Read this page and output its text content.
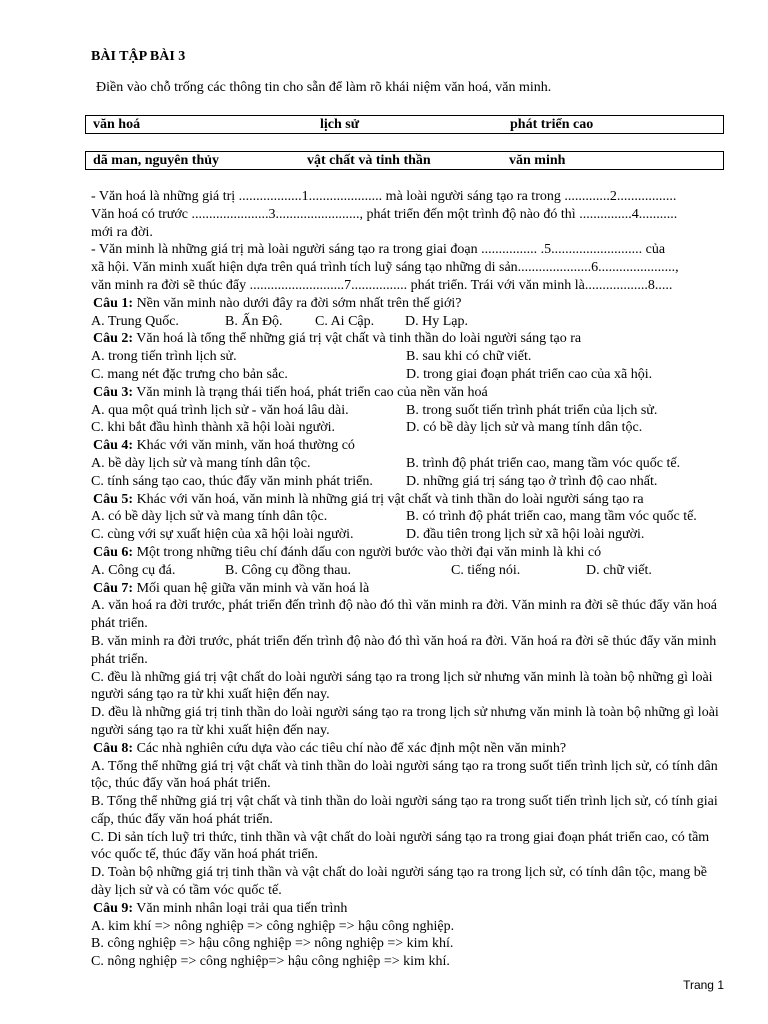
BÀI TẬP BÀI 3
Điền vào chỗ trống các thông tin cho sẵn để làm rõ khái niệm văn hoá, văn minh.
văn hoá	lịch sử	phát triển cao
dã man, nguyên thủy	vật chất và tinh thần	văn minh

- Văn hoá là những giá trị ..................1..................... mà loài người sáng tạo ra trong .............2.................

Văn hoá có trước ......................3........................, phát triển đến một trình độ nào đó thì ...............4...........

mới ra đời.

- Văn minh là những giá trị mà loài người sáng tạo ra trong giai đoạn ................ .5.......................... của

xã hội. Văn minh xuất hiện dựa trên quá trình tích luỹ sáng tạo những di sản.....................6......................,

văn minh ra đời sẽ thúc đẩy ...........................7................ phát triển. Trái với văn minh là..................8.....

Câu 1: Nền văn minh nào dưới đây ra đời sớm nhất trên thế giới?

A. Trung Quốc.	B. Ấn Độ. C. Ai Cập. D. Hy Lạp.

Câu 2: Văn hoá là tổng thể những giá trị vật chất và tinh thần do loài người sáng tạo ra

A. trong tiến trình lịch sử.	B. sau khi có chữ viết.
C. mang nét đặc trưng cho bản sắc.	D. trong giai đoạn phát triển cao của xã hội.

Câu 3: Văn minh là trạng thái tiến hoá, phát triển cao của nền văn hoá

A. qua một quá trình lịch sử - văn hoá lâu dài.	B. trong suốt tiến trình phát triển của lịch sử.
C. khi bắt đầu hình thành xã hội loài người.	D. có bề dày lịch sử và mang tính dân tộc.

Câu 4: Khác với văn minh, văn hoá thường có

A. bề dày lịch sử và mang tính dân tộc.	B. trình độ phát triển cao, mang tầm vóc quốc tế.
C. tính sáng tạo cao, thúc đẩy văn minh phát triển.	D. những giá trị sáng tạo ở trình độ cao nhất.

Câu 5: Khác với văn hoá, văn minh là những giá trị vật chất và tinh thần do loài người sáng tạo ra

A. có bề dày lịch sử và mang tính dân tộc.	B. có trình độ phát triển cao, mang tầm vóc quốc tế.
C. cùng với sự xuất hiện của xã hội loài người.	D. đầu tiên trong lịch sử xã hội loài người.

Câu 6: Một trong những tiêu chí đánh dấu con người bước vào thời đại văn minh là khi có

A. Công cụ đá.	B. Công cụ đồng thau.	C. tiếng nói.	D. chữ viết.

Câu 7: Mối quan hệ giữa văn minh và văn hoá là

A. văn hoá ra đời trước, phát triển đến trình độ nào đó thì văn minh ra đời. Văn minh ra đời sẽ thúc đẩy văn hoá phát triển.

B. văn minh ra đời trước, phát triển đến trình độ nào đó thì văn hoá ra đời. Văn hoá ra đời sẽ thúc đẩy văn minh phát triển.

C. đều là những giá trị vật chất do loài người sáng tạo ra trong lịch sử nhưng văn minh là toàn bộ những gì loài người sáng tạo ra từ khi xuất hiện đến nay.

D. đều là những giá trị tinh thần do loài người sáng tạo ra trong lịch sử nhưng văn minh là toàn bộ những gì loài người sáng tạo ra từ khi xuất hiện đến nay.

Câu 8: Các nhà nghiên cứu dựa vào các tiêu chí nào để xác định một nền văn minh?

A. Tổng thể những giá trị vật chất và tinh thần do loài người sáng tạo ra trong suốt tiến trình lịch sử, có tính dân tộc, thúc đẩy văn hoá phát triển.

B. Tổng thể những giá trị vật chất và tinh thần do loài người sáng tạo ra trong suốt tiến trình lịch sử, có tính giai cấp, thúc đẩy văn hoá phát triển.

C. Di sản tích luỹ tri thức, tinh thần và vật chất do loài người sáng tạo ra trong giai đoạn phát triển cao, có tầm vóc quốc tế, thúc đẩy văn hoá phát triển.

D. Toàn bộ những giá trị tinh thần và vật chất do loài người sáng tạo ra trong lịch sử, có tính dân tộc, mang bề dày lịch sử và có tầm vóc quốc tế.

Câu 9: Văn minh nhân loại trải qua tiến trình

A. kim khí => nông nghiệp => công nghiệp => hậu công nghiệp.

B. công nghiệp => hậu công nghiệp => nông nghiệp => kim khí.

C. nông nghiệp => công nghiệp=> hậu công nghiệp => kim khí.

Trang 1
